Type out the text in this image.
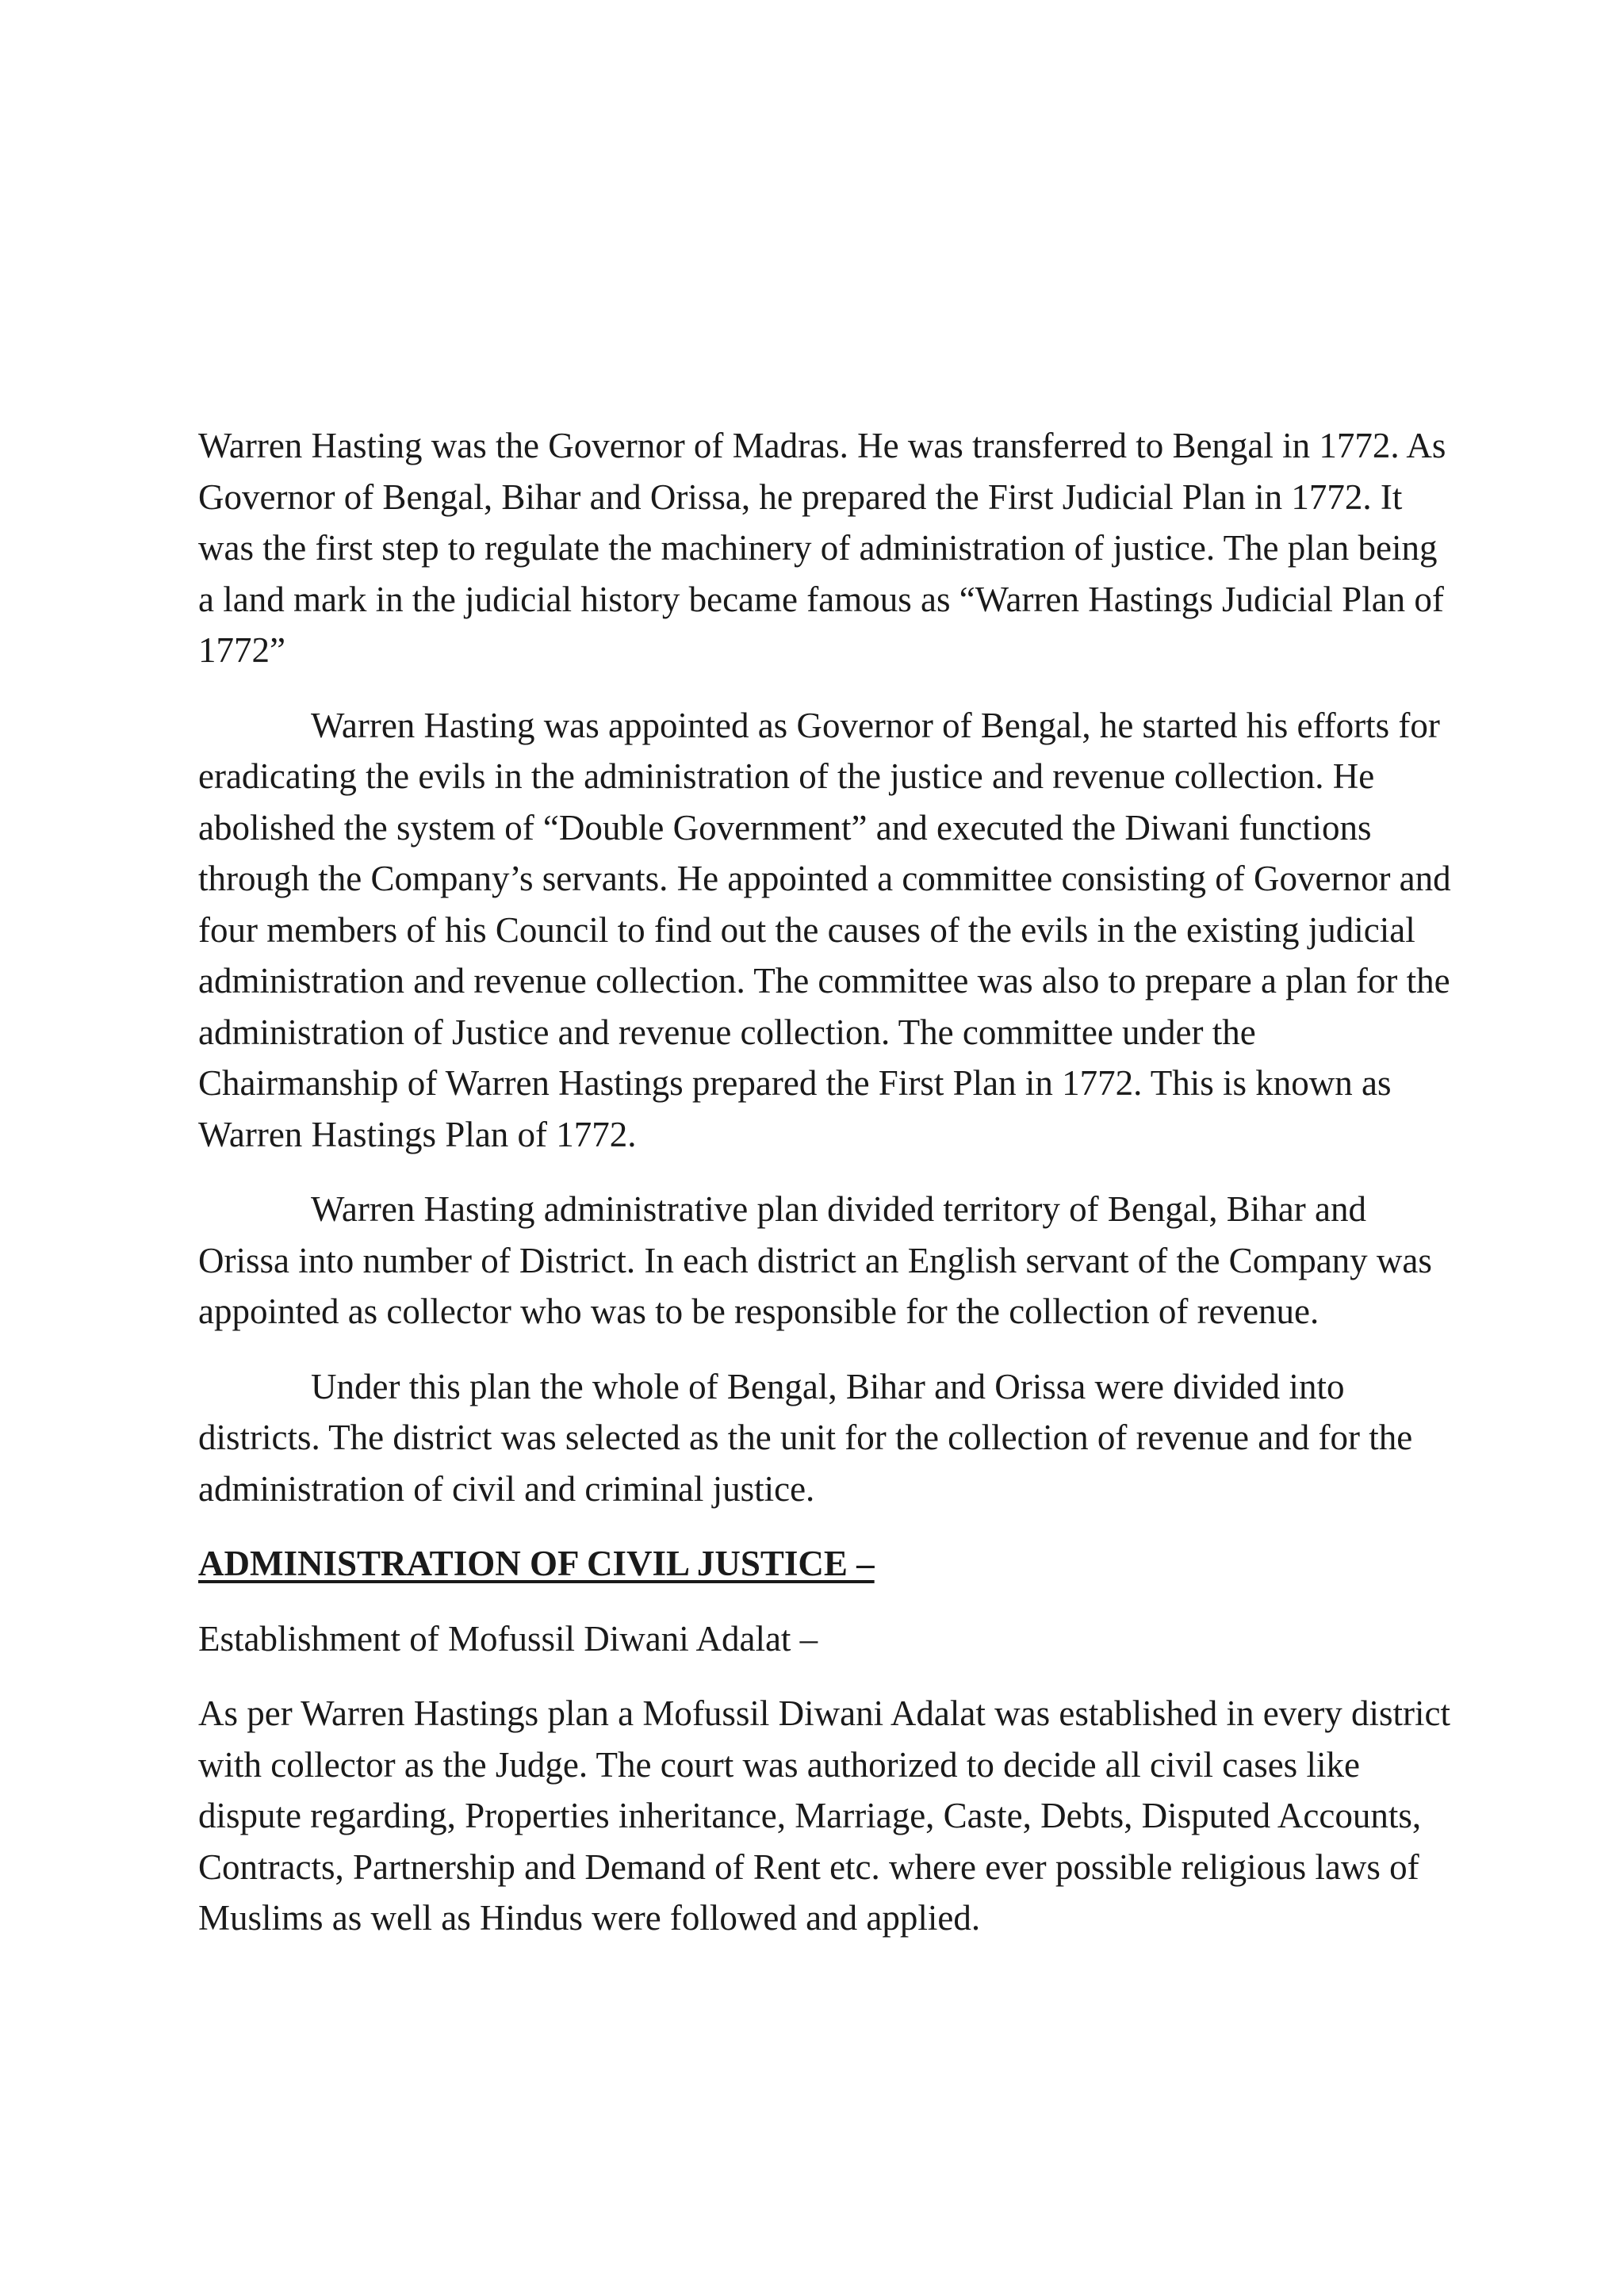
Warren Hasting was the Governor of Madras. He was transferred to Bengal in 1772. As Governor of Bengal, Bihar and Orissa, he prepared the First Judicial Plan in 1772. It was the first step to regulate the machinery of administration of justice. The plan being a land mark in the judicial history became famous as “Warren Hastings Judicial Plan of 1772”

Warren Hasting was appointed as Governor of Bengal, he started his efforts for eradicating the evils in the administration of the justice and revenue collection. He abolished the system of “Double Government” and executed the Diwani functions through the Company’s servants. He appointed a committee consisting of Governor and four members of his Council to find out the causes of the evils in the existing judicial administration and revenue collection. The committee was also to prepare a plan for the administration of Justice and revenue collection. The committee under the Chairmanship of Warren Hastings prepared the First Plan in 1772. This is known as Warren Hastings Plan of 1772.

Warren Hasting administrative plan divided territory of Bengal, Bihar and Orissa into number of District. In each district an English servant of the Company was appointed as collector who was to be responsible for the collection of revenue.

Under this plan the whole of Bengal, Bihar and Orissa were divided into districts. The district was selected as the unit for the collection of revenue and for the administration of civil and criminal justice.

ADMINISTRATION OF CIVIL JUSTICE –

Establishment of Mofussil Diwani Adalat –

As per Warren Hastings plan a Mofussil Diwani Adalat was established in every district with collector as the Judge. The court was authorized to decide all civil cases like dispute regarding, Properties inheritance, Marriage, Caste, Debts, Disputed Accounts, Contracts, Partnership and Demand of Rent etc. where ever possible religious laws of Muslims as well as Hindus were followed and applied.
